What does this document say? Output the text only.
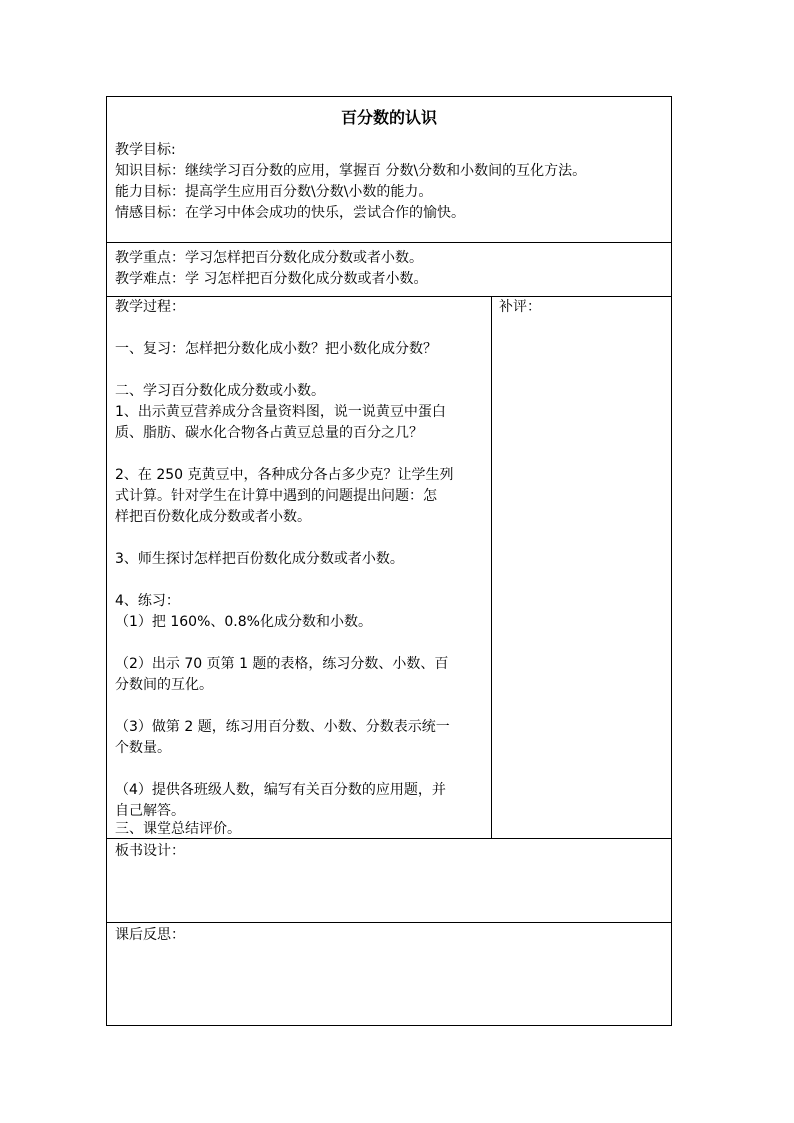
百分数的认识
教学目标:
知识目标：继续学习百分数的应用，掌握百 分数\分数和小数间的互化方法。
能力目标：提高学生应用百分数\分数\小数的能力。
情感目标：在学习中体会成功的快乐，尝试合作的愉快。
教学重点：学习怎样把百分数化成分数或者小数。
教学难点：学 习怎样把百分数化成分数或者小数。
教学过程：
一、复习：怎样把分数化成小数？把小数化成分数？
二、学习百分数化成分数或小数。
1、出示黄豆营养成分含量资料图，说一说黄豆中蛋白
质、脂肪、碳水化合物各占黄豆总量的百分之几？
2、在 250 克黄豆中，各种成分各占多少克？让学生列
式计算。针对学生在计算中遇到的问题提出问题：怎
样把百份数化成分数或者小数。
3、师生探讨怎样把百份数化成分数或者小数。
4、练习：
（1）把 160%、0.8%化成分数和小数。
（2）出示 70 页第 1 题的表格，练习分数、小数、百
分数间的互化。
（3）做第 2 题，练习用百分数、小数、分数表示统一
个数量。
（4）提供各班级人数，编写有关百分数的应用题，并
自己解答。
三、课堂总结评价。
补评：
板书设计：
课后反思：
